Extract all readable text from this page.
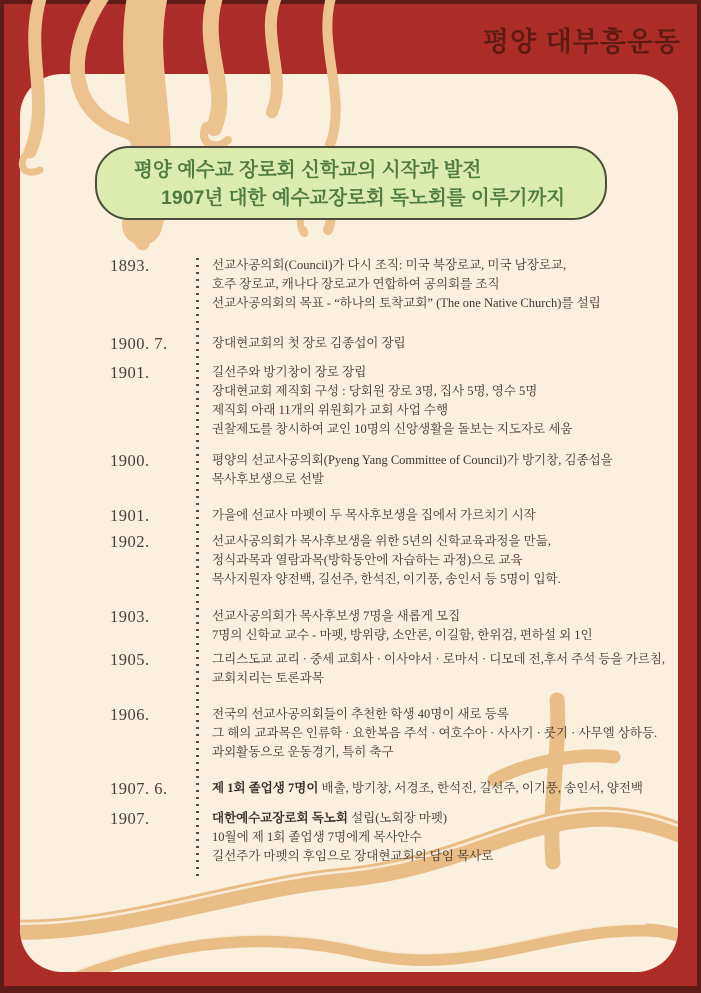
평양 대부흥운동
평양 예수교 장로회 신학교의 시작과 발전
1907년 대한 예수교장로회 독노회를 이루기까지
1893.	선교사공의회(Council)가 다시 조직: 미국 북장로교, 미국 남장로교,
호주 장로교, 캐나다 장로교가 연합하여 공의회를 조직
선교사공의회의 목표 - “하나의 토착교회” (The one Native Church)를 설립
1900. 7.	장대현교회의 첫 장로 김종섭이 장립
1901.	길선주와 방기창이 장로 장립
장대현교회 제직회 구성 : 당회원 장로 3명, 집사 5명, 영수 5명
제직회 아래 11개의 위원회가 교회 사업 수행
권찰제도를 창시하여 교인 10명의 신앙생활을 돌보는 지도자로 세움
1900.	평양의 선교사공의회(Pyeng Yang Committee of Council)가 방기창, 김종섭을
목사후보생으로 선발
1901.	가을에 선교사 마펫이 두 목사후보생을 집에서 가르치기 시작
1902.	선교사공의회가 목사후보생을 위한 5년의 신학교육과정을 만듦,
정식과목과 열람과목(방학동안에 자습하는 과정)으로 교육
목사지원자 양전백, 길선주, 한석진, 이기풍, 송인서 등 5명이 입학.
1903.	선교사공의회가 목사후보생 7명을 새롭게 모집
7명의 신학교 교수 - 마펫, 방위량, 소안론, 이길함, 한위검, 편하설 외 1인
1905.	그리스도교 교리 · 중세 교회사 · 이사야서 · 로마서 · 디모데 전,후서 주석 등을 가르침,
교회치리는 토론과목
1906.	전국의 선교사공의회들이 추천한 학생 40명이 새로 등록
그 해의 교과목은 인류학 · 요한복음 주석 · 여호수아 · 사사기 · 룻기 · 사무엘 상하등.
과외활동으로 운동경기, 특히 축구
1907. 6.	제 1회 졸업생 7명이 배출, 방기창, 서경조, 한석진, 길선주, 이기풍, 송인서, 양전백
1907.	대한예수교장로회 독노회 설립(노회장 마펫)
10월에 제 1회 졸업생 7명에게 목사안수
길선주가 마펫의 후임으로 장대현교회의 담임 목사로
